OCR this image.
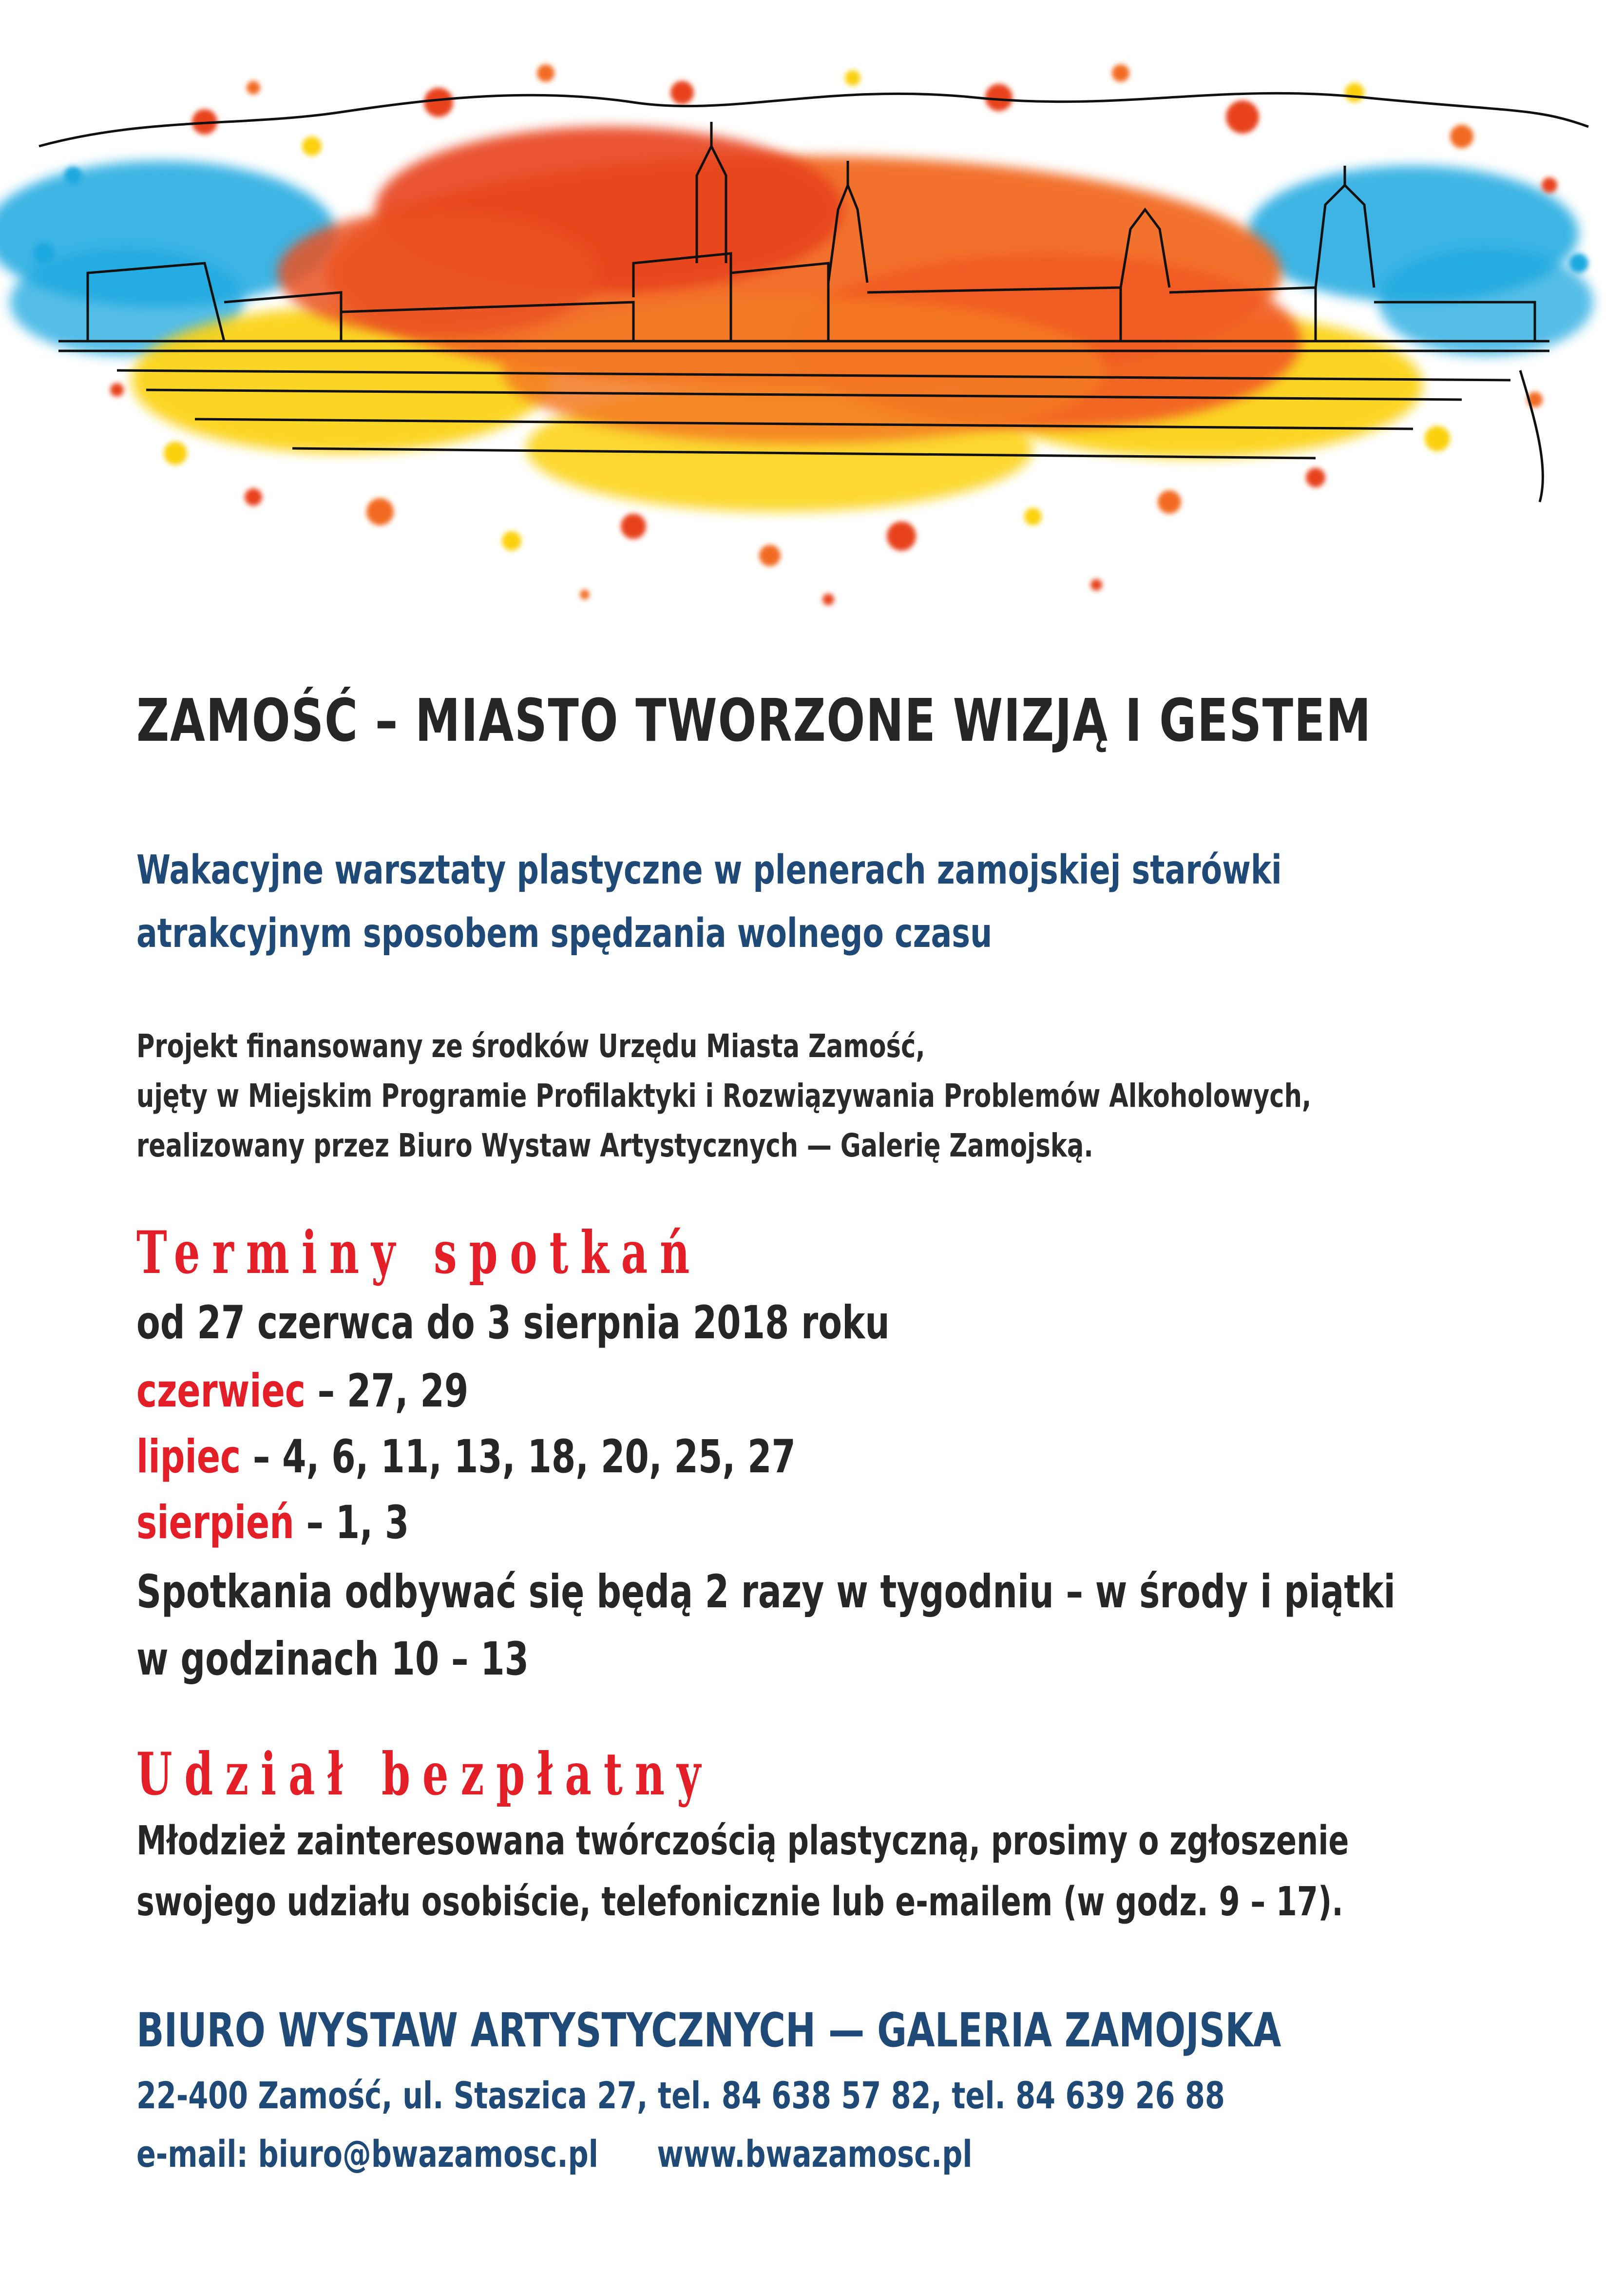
ZAMOŚĆ – MIASTO TWORZONE WIZJĄ I GESTEM

Wakacyjne warsztaty plastyczne w plenerach zamojskiej starówki

atrakcyjnym sposobem spędzania wolnego czasu

Projekt finansowany ze środków Urzędu Miasta Zamość,

ujęty w Miejskim Programie Profilaktyki i Rozwiązywania Problemów Alkoholowych,

realizowany przez Biuro Wystaw Artystycznych — Galerię Zamojską.

Terminy spotkań

od 27 czerwca do 3 sierpnia 2018 roku

czerwiec – 27, 29

lipiec – 4, 6, 11, 13, 18, 20, 25, 27

sierpień – 1, 3

Spotkania odbywać się będą 2 razy w tygodniu – w środy i piątki

w godzinach 10 – 13

Udział bezpłatny

Młodzież zainteresowana twórczością plastyczną, prosimy o zgłoszenie

swojego udziału osobiście, telefonicznie lub e-mailem (w godz. 9 – 17).

BIURO WYSTAW ARTYSTYCZNYCH — GALERIA ZAMOJSKA

22-400 Zamość, ul. Staszica 27, tel. 84 638 57 82, tel. 84 639 26 88

e-mail: biuro@bwazamosc.pl www.bwazamosc.pl
